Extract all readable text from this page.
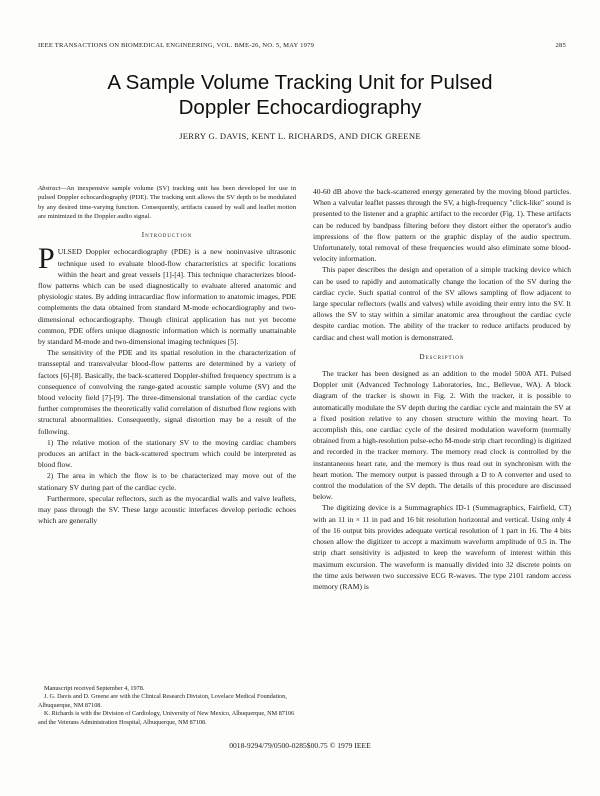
IEEE TRANSACTIONS ON BIOMEDICAL ENGINEERING, VOL. BME-26, NO. 5, MAY 1979	285
A Sample Volume Tracking Unit for Pulsed
Doppler Echocardiography
JERRY G. DAVIS, KENT L. RICHARDS, AND DICK GREENE

Abstract—An inexpensive sample volume (SV) tracking unit has been developed for use in pulsed Doppler echocardiography (PDE). The tracking unit allows the SV depth to be modulated by any desired time-varying function. Consequently, artifacts caused by wall and leaflet motion are minimized in the Doppler audio signal.

Introduction

PULSED Doppler echocardiography (PDE) is a new noninvasive ultrasonic technique used to evaluate blood-flow characteristics at specific locations within the heart and great vessels [1]-[4]. This technique characterizes blood-flow patterns which can be used diagnostically to evaluate altered anatomic and physiologic states. By adding intracardiac flow information to anatomic images, PDE complements the data obtained from standard M-mode echocardiography and two-dimensional echocardiography. Though clinical application has not yet become common, PDE offers unique diagnostic information which is normally unattainable by standard M-mode and two-dimensional imaging techniques [5].

The sensitivity of the PDE and its spatial resolution in the characterization of transseptal and transvalvular blood-flow patterns are determined by a variety of factors [6]-[8]. Basically, the back-scattered Doppler-shifted frequency spectrum is a consequence of convolving the range-gated acoustic sample volume (SV) and the blood velocity field [7]-[9]. The three-dimensional translation of the cardiac cycle further compromises the theoretically valid correlation of disturbed flow regions with structural abnormalities. Consequently, signal distortion may be a result of the following.

1) The relative motion of the stationary SV to the moving cardiac chambers produces an artifact in the back-scattered spectrum which could be interpreted as blood flow.

2) The area in which the flow is to be characterized may move out of the stationary SV during part of the cardiac cycle.

Furthermore, specular reflectors, such as the myocardial walls and valve leaflets, may pass through the SV. These large acoustic interfaces develop periodic echoes which are generally

Manuscript received September 4, 1978.

J. G. Davis and D. Greene are with the Clinical Research Division, Lovelace Medical Foundation, Albuquerque, NM 87108.

K. Richards is with the Division of Cardiology, University of New Mexico, Albuquerque, NM 87106 and the Veterans Administration Hospital, Albuquerque, NM 87108.

40-60 dB above the back-scattered energy generated by the moving blood particles. When a valvular leaflet passes through the SV, a high-frequency "click-like" sound is presented to the listener and a graphic artifact to the recorder (Fig. 1). These artifacts can be reduced by bandpass filtering before they distort either the operator's audio impressions of the flow pattern or the graphic display of the audio spectrum. Unfortunately, total removal of these frequencies would also eliminate some blood-velocity information.

This paper describes the design and operation of a simple tracking device which can be used to rapidly and automatically change the location of the SV during the cardiac cycle. Such spatial control of the SV allows sampling of flow adjacent to large specular reflectors (walls and valves) while avoiding their entry into the SV. It allows the SV to stay within a similar anatomic area throughout the cardiac cycle despite cardiac motion. The ability of the tracker to reduce artifacts produced by cardiac and chest wall motion is demonstrated.

Description

The tracker has been designed as an addition to the model 500A ATL Pulsed Doppler unit (Advanced Technology Laboratories, Inc., Bellevue, WA). A block diagram of the tracker is shown in Fig. 2. With the tracker, it is possible to automatically modulate the SV depth during the cardiac cycle and maintain the SV at a fixed position relative to any chosen structure within the moving heart. To accomplish this, one cardiac cycle of the desired modulation waveform (normally obtained from a high-resolution pulse-echo M-mode strip chart recording) is digitized and recorded in the tracker memory. The memory read clock is controlled by the instantaneous heart rate, and the memory is thus read out in synchronism with the heart motion. The memory output is passed through a D to A converter and used to control the modulation of the SV depth. The details of this procedure are discussed below.

The digitizing device is a Summagraphics ID-1 (Summagraphics, Fairfield, CT) with an 11 in × 11 in pad and 16 bit resolution horizontal and vertical. Using only 4 of the 16 output bits provides adequate vertical resolution of 1 part in 16. The 4 bits chosen allow the digitizer to accept a maximum waveform amplitude of 0.5 in. The strip chart sensitivity is adjusted to keep the waveform of interest within this maximum excursion. The waveform is manually divided into 32 discrete points on the time axis between two successive ECG R-waves. The type 2101 random access memory (RAM) is

0018-9294/79/0500-0285$00.75 © 1979 IEEE
